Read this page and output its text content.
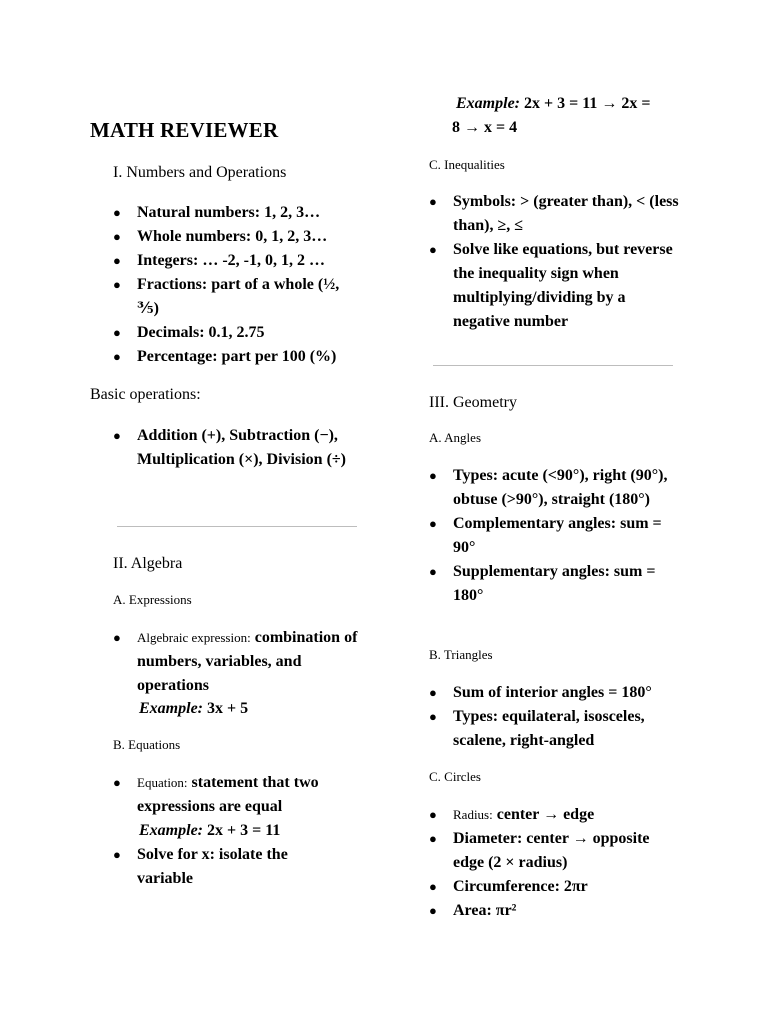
MATH REVIEWER
I. Numbers and Operations
● Natural numbers: 1, 2, 3…
● Whole numbers: 0, 1, 2, 3…
● Integers: … -2, -1, 0, 1, 2 …
● Fractions: part of a whole (½, ⅗)
● Decimals: 0.1, 2.75
● Percentage: part per 100 (%)
Basic operations:
● Addition (+), Subtraction (−), Multiplication (×), Division (÷)
II. Algebra
A. Expressions
● Algebraic expression: combination of numbers, variables, and operations
Example: 3x + 5
B. Equations
● Equation: statement that two expressions are equal
Example: 2x + 3 = 11
● Solve for x: isolate the variable
Example: 2x + 3 = 11 → 2x =
8 → x = 4
C. Inequalities
● Symbols: > (greater than), < (less than), ≥, ≤
● Solve like equations, but reverse the inequality sign when multiplying/dividing by a negative number
III. Geometry
A. Angles
● Types: acute (<90°), right (90°), obtuse (>90°), straight (180°)
● Complementary angles: sum = 90°
● Supplementary angles: sum = 180°
B. Triangles
● Sum of interior angles = 180°
● Types: equilateral, isosceles, scalene, right-angled
C. Circles
● Radius: center → edge
● Diameter: center → opposite edge (2 × radius)
● Circumference: 2πr
● Area: πr²
